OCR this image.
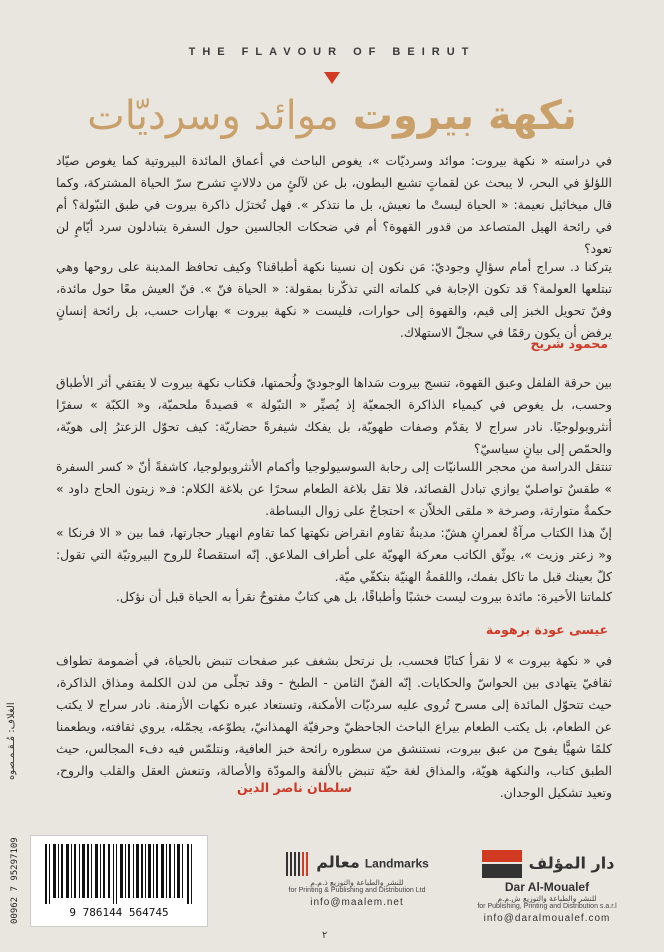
THE FLAVOUR OF BEIRUT
نكهة بيروت موائد وسرديّات
في دراسته « نكهة بيروت: موائد وسرديّات »، يغوص الباحث في أعماق المائدة البيروتية كما يغوص صيّاد اللؤلؤ في البحر، لا يبحث عن لقماتٍ تشبع البطون، بل عن لآلئٍ من دلالاتٍ تشرح سرّ الحياة المشتركة، وكما قال ميخائيل نعيمة: « الحياة ليستْ ما نعيش، بل ما نتذكر ». فهل تُختزَل ذاكرة بيروت في طبق التبّولة؟ أم في رائحة الهيل المتصاعد من قدور القهوة؟ أم في ضحكات الجالسين حول السفرة يتبادلون سرد أيّامٍ لن تعود؟
يتركنا د. سراج أمام سؤالٍ وجوديّ: مَن نكون إن نسينا نكهة أطباقنا؟ وكيف تحافظ المدينة على روحها وهي تبتلعها العولمة؟ قد تكون الإجابة في كلماته التي تذكّرنا بمقولة: « الحياة فنّ ». فنّ العيش معًا حول مائدة، وفنّ تحويل الخبز إلى قيم، والقهوة إلى حوارات، فليست « نكهة بيروت » بهارات حسب، بل رائحة إنسانٍ يرفض أن يكون رقمًا في سجلّ الاستهلاك.
محمود شريح
بين حرقة الفلفل وعبق القهوة، تنسج بيروت سَداها الوجوديّ ولُحمتها، فكتاب نكهة بيروت لا يقتفي أثر الأطباق وحسب، بل يغوص في كيمياء الذاكرة الجمعيّة إذ يُصيِّر « التبّولة » قصيدةً ملحميّة، و« الكبّة » سفرًا أنثروبولوجيًا. نادر سراج لا يقدّم وصفات طهويّة، بل يفكك شيفرةً حضاريّة: كيف تحوّل الزعترُ إلى هويّة، والحمّص إلى بيانٍ سياسيّ؟
تنتقل الدراسة من محجر اللسانيّات إلى رحابة السوسيولوجيا وأكمام الأنثروبولوجيا، كاشفةً أنّ « كسر السفرة » طقسٌ تواصليّ يوازي تبادل القصائد، فلا تقل بلاغة الطعام سحرًا عن بلاغة الكلام: فـ« زيتون الحاج داود » حكمةٌ متوارثة، وصرخة « ملقى الخلاّن » احتجاجٌ على زوال البساطة.
إنّ هذا الكتاب مرآةٌ لعمرانٍ هشّ: مدينةٌ تقاوم انقراض نكهتها كما تقاوم انهيار حجارتها، فما بين « الا فرنكا » و« زعتر وزيت »، يوثّق الكاتب معركة الهويّة على أطراف الملاعق. إنّه استقصاءٌ للروح البيروتيّة التي تقول: كلّ بعينك قبل ما تاكل بفمك، واللقمةُ الهنيّة بتكفّي ميّة.
كلماتنا الأخيرة: مائدة بيروت ليست خشبًا وأطباقًا، بل هي كتابٌ مفتوحٌ نقرأ به الحياة قبل أن نؤكل.
عيسى عودة برهومة
في « نكهة بيروت » لا نقرأ كتابًا فحسب، بل نرتحل بشغف عبر صفحات تنبض بالحياة، في أضمومة تطواف ثقافيّ يتهادى بين الحواسّ والحكايات. إنّه الفنّ الثامن - الطبخ - وقد تجلّى من لدن الكلمة ومذاق الذاكرة، حيث تتحوّل المائدة إلى مسرح تُروى عليه سرديّات الأمكنة، وتستعاد عبره نكهات الأزمنة. نادر سراج لا يكتب عن الطعام، بل يكتب الطعام بيراع الباحث الجاحظيّ وحرفيّة الهمذانيّ، يطوّعه، يجمّله، يروي ثقافته، ويطعمنا كلمًا شهيًّا يفوح من عبق بيروت، نستنشق من سطوره رائحة خبز العافية، ونتلمّس فيه دفء المجالس، حيث الطبق كتاب، والنكهة هويّة، والمذاق لغة حيّة تنبض بالألفة والمودّة والأصالة، وتنعش العقل والقلب والروح، وتعيد تشكيل الوجدان.
سلطان ناصر الدين
الغلاف: مُـقـمـصوه
00962 7 95297109	9 786144 564745
معالم Landmarks
للنشر والطباعة والتوزيع ذ.م.م
for Printing & Publishing and Distribution Ltd
info@maalem.net
دار المؤلف
Dar Al-Moualef
للنشر والطباعة والتوزيع ش.م.م
for Publishing, Printing and Distribution s.a.r.l
info@daralmoualef.com
٢
